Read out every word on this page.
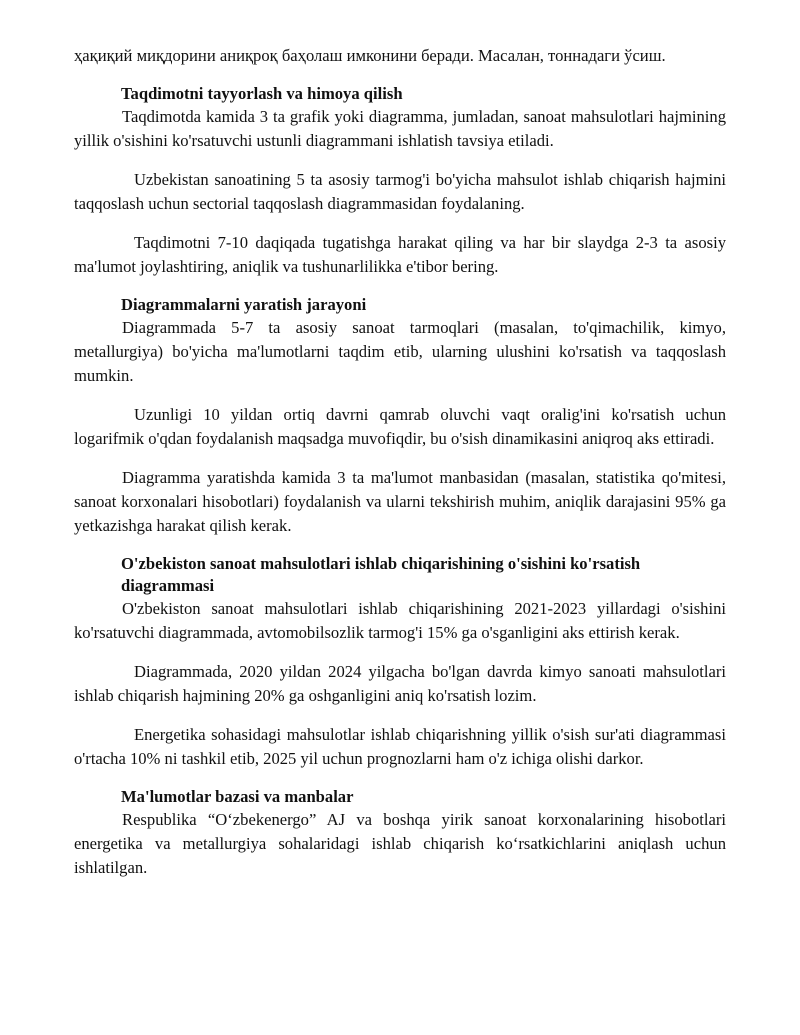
ҳақиқий миқдорини аниқроқ баҳолаш имконини беради. Масалан, тоннадаги ўсиш.

Taqdimotni tayyorlash va himoya qilish

Taqdimotda kamida 3 ta grafik yoki diagramma, jumladan, sanoat mahsulotlari hajmining yillik o'sishini ko'rsatuvchi ustunli diagrammani ishlatish tavsiya etiladi.

Uzbekistan sanoatining 5 ta asosiy tarmog'i bo'yicha mahsulot ishlab chiqarish hajmini taqqoslash uchun sectorial taqqoslash diagrammasidan foydalaning.

Taqdimotni 7-10 daqiqada tugatishga harakat qiling va har bir slaydga 2-3 ta asosiy ma'lumot joylashtiring, aniqlik va tushunarlilikka e'tibor bering.

Diagrammalarni yaratish jarayoni

Diagrammada 5-7 ta asosiy sanoat tarmoqlari (masalan, to'qimachilik, kimyo, metallurgiya) bo'yicha ma'lumotlarni taqdim etib, ularning ulushini ko'rsatish va taqqoslash mumkin.

Uzunligi 10 yildan ortiq davrni qamrab oluvchi vaqt oralig'ini ko'rsatish uchun logarifmik o'qdan foydalanish maqsadga muvofiqdir, bu o'sish dinamikasini aniqroq aks ettiradi.

Diagramma yaratishda kamida 3 ta ma'lumot manbasidan (masalan, statistika qo'mitesi, sanoat korxonalari hisobotlari) foydalanish va ularni tekshirish muhim, aniqlik darajasini 95% ga yetkazishga harakat qilish kerak.

O'zbekiston sanoat mahsulotlari ishlab chiqarishining o'sishini ko'rsatish diagrammasi

O'zbekiston sanoat mahsulotlari ishlab chiqarishining 2021-2023 yillardagi o'sishini ko'rsatuvchi diagrammada, avtomobilsozlik tarmog'i 15% ga o'sganligini aks ettirish kerak.

Diagrammada, 2020 yildan 2024 yilgacha bo'lgan davrda kimyo sanoati mahsulotlari ishlab chiqarish hajmining 20% ga oshganligini aniq ko'rsatish lozim.

Energetika sohasidagi mahsulotlar ishlab chiqarishning yillik o'sish sur'ati diagrammasi o'rtacha 10% ni tashkil etib, 2025 yil uchun prognozlarni ham o'z ichiga olishi darkor.

Ma'lumotlar bazasi va manbalar

Respublika “O‘zbekenergo” AJ va boshqa yirik sanoat korxonalarining hisobotlari energetika va metallurgiya sohalaridagi ishlab chiqarish ko‘rsatkichlarini aniqlash uchun ishlatilgan.
